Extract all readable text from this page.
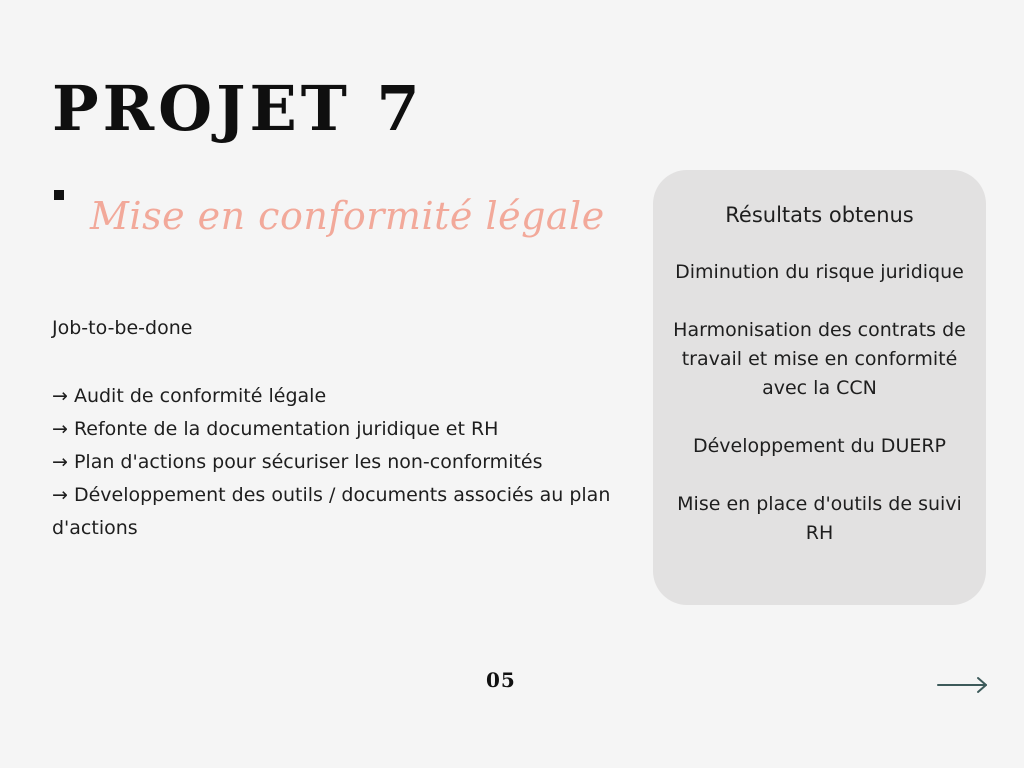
PROJET 7
Mise en conformité légale
Job-to-be-done
→ Audit de conformité légale
→ Refonte de la documentation juridique et RH
→ Plan d'actions pour sécuriser les non-conformités
→ Développement des outils / documents associés au plan d'actions
Résultats obtenus
Diminution du risque juridique
Harmonisation des contrats de travail et mise en conformité avec la CCN
Développement du DUERP
Mise en place d'outils de suivi RH
05
